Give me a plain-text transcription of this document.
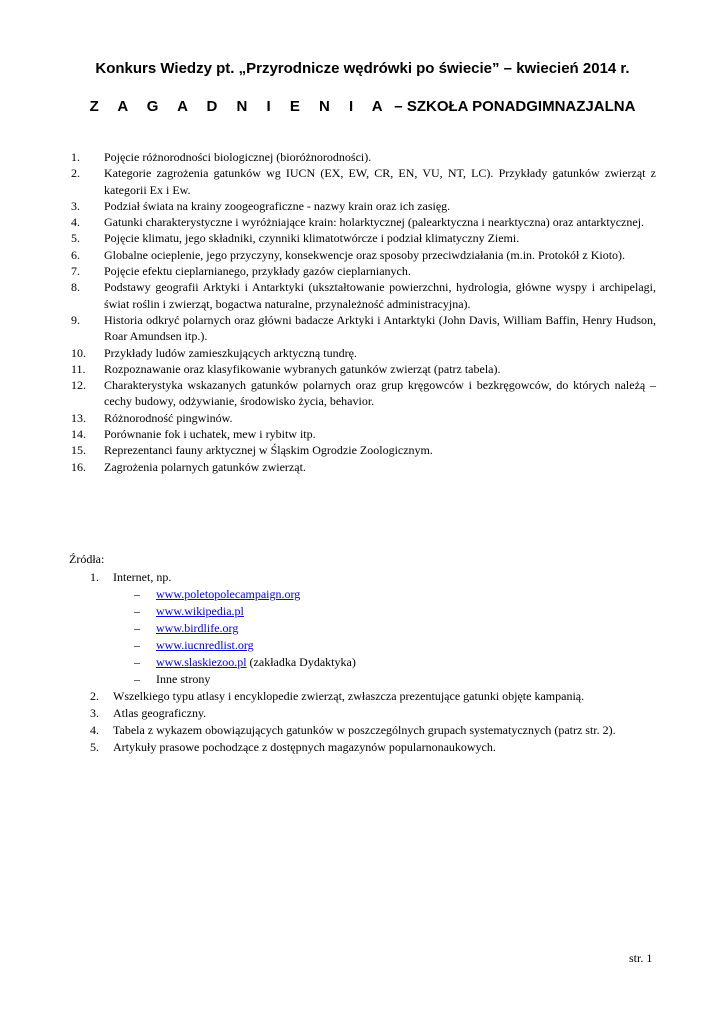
Konkurs Wiedzy pt. „Przyrodnicze wędrówki po świecie” – kwiecień 2014 r.
Z A G A D N I E N I A – SZKOŁA PONADGIMNAZJALNA
1. Pojęcie różnorodności biologicznej (bioróżnorodności).
2. Kategorie zagrożenia gatunków wg IUCN (EX, EW, CR, EN, VU, NT, LC). Przykłady gatunków zwierząt z kategorii Ex i Ew.
3. Podział świata na krainy zoogeograficzne - nazwy krain oraz ich zasięg.
4. Gatunki charakterystyczne i wyróżniające krain: holarktycznej (palearktyczna i nearktyczna) oraz antarktycznej.
5. Pojęcie klimatu, jego składniki, czynniki klimatotwórcze i podział klimatyczny Ziemi.
6. Globalne ocieplenie, jego przyczyny, konsekwencje oraz sposoby przeciwdziałania (m.in. Protokół z Kioto).
7. Pojęcie efektu cieplarnianego, przykłady gazów cieplarnianych.
8. Podstawy geografii Arktyki i Antarktyki (ukształtowanie powierzchni, hydrologia, główne wyspy i archipelagi, świat roślin i zwierząt, bogactwa naturalne, przynależność administracyjna).
9. Historia odkryć polarnych oraz główni badacze Arktyki i Antarktyki (John Davis, William Baffin, Henry Hudson, Roar Amundsen itp.).
10. Przykłady ludów zamieszkujących arktyczną tundrę.
11. Rozpoznawanie oraz klasyfikowanie wybranych gatunków zwierząt (patrz tabela).
12. Charakterystyka wskazanych gatunków polarnych oraz grup kręgowców i bezkręgowców, do których należą – cechy budowy, odżywianie, środowisko życia, behavior.
13. Różnorodność pingwinów.
14. Porównanie fok i uchatek, mew i rybitw itp.
15. Reprezentanci fauny arktycznej w Śląskim Ogrodzie Zoologicznym.
16. Zagrożenia polarnych gatunków zwierząt.
Źródła:
1. Internet, np.
– www.poletopolecampaign.org
– www.wikipedia.pl
– www.birdlife.org
– www.iucnredlist.org
– www.slaskiezoo.pl (zakładka Dydaktyka)
– Inne strony
2. Wszelkiego typu atlasy i encyklopedie zwierząt, zwłaszcza prezentujące gatunki objęte kampanią.
3. Atlas geograficzny.
4. Tabela z wykazem obowiązujących gatunków w poszczególnych grupach systematycznych (patrz str. 2).
5. Artykuły prasowe pochodzące z dostępnych magazynów popularnonaukowych.
str. 1
